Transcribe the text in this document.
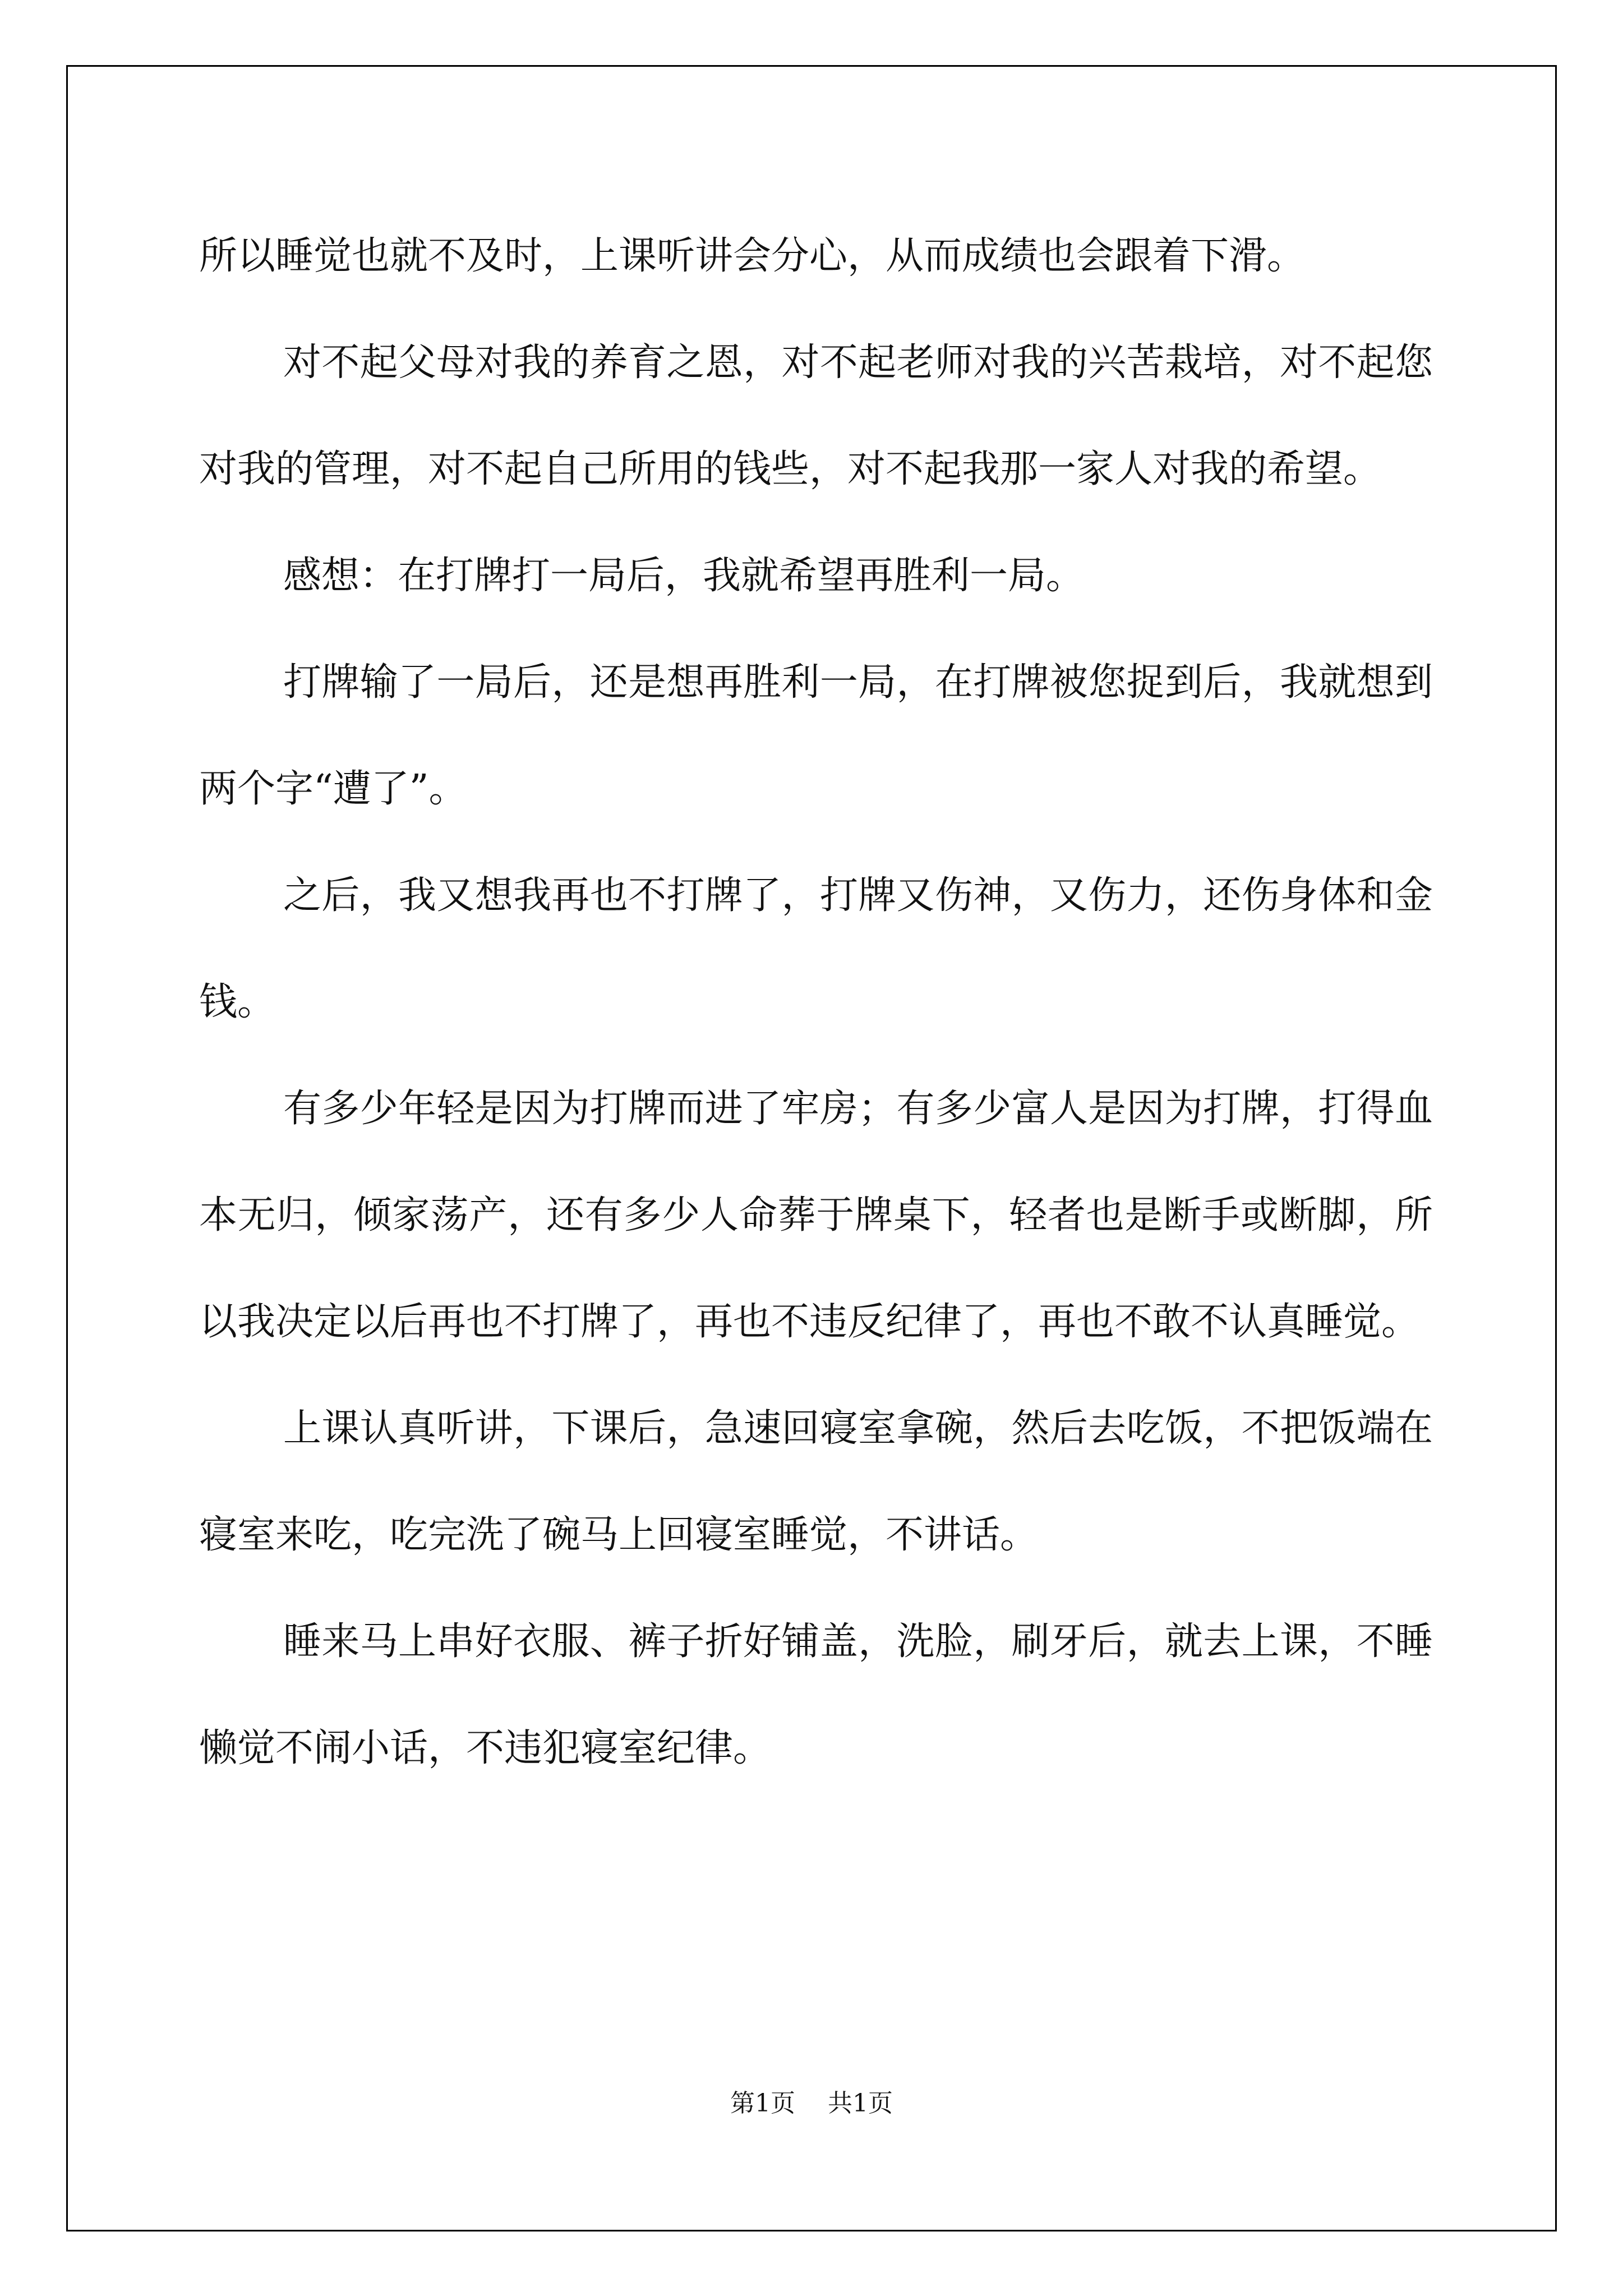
所以睡觉也就不及时，上课听讲会分心，从而成绩也会跟着下滑。

对不起父母对我的养育之恩，对不起老师对我的兴苦栽培，对不起您对我的管理，对不起自己所用的钱些，对不起我那一家人对我的希望。

感想：在打牌打一局后，我就希望再胜利一局。

打牌输了一局后，还是想再胜利一局，在打牌被您捉到后，我就想到两个字“遭了”。

之后，我又想我再也不打牌了，打牌又伤神，又伤力，还伤身体和金钱。

有多少年轻是因为打牌而进了牢房；有多少富人是因为打牌，打得血本无归，倾家荡产，还有多少人命葬于牌桌下，轻者也是断手或断脚，所以我决定以后再也不打牌了，再也不违反纪律了，再也不敢不认真睡觉。

上课认真听讲，下课后，急速回寝室拿碗，然后去吃饭，不把饭端在寝室来吃，吃完洗了碗马上回寝室睡觉，不讲话。

睡来马上串好衣服、裤子折好铺盖，洗脸，刷牙后，就去上课，不睡懒觉不闹小话，不违犯寝室纪律。

第1页 共1页
